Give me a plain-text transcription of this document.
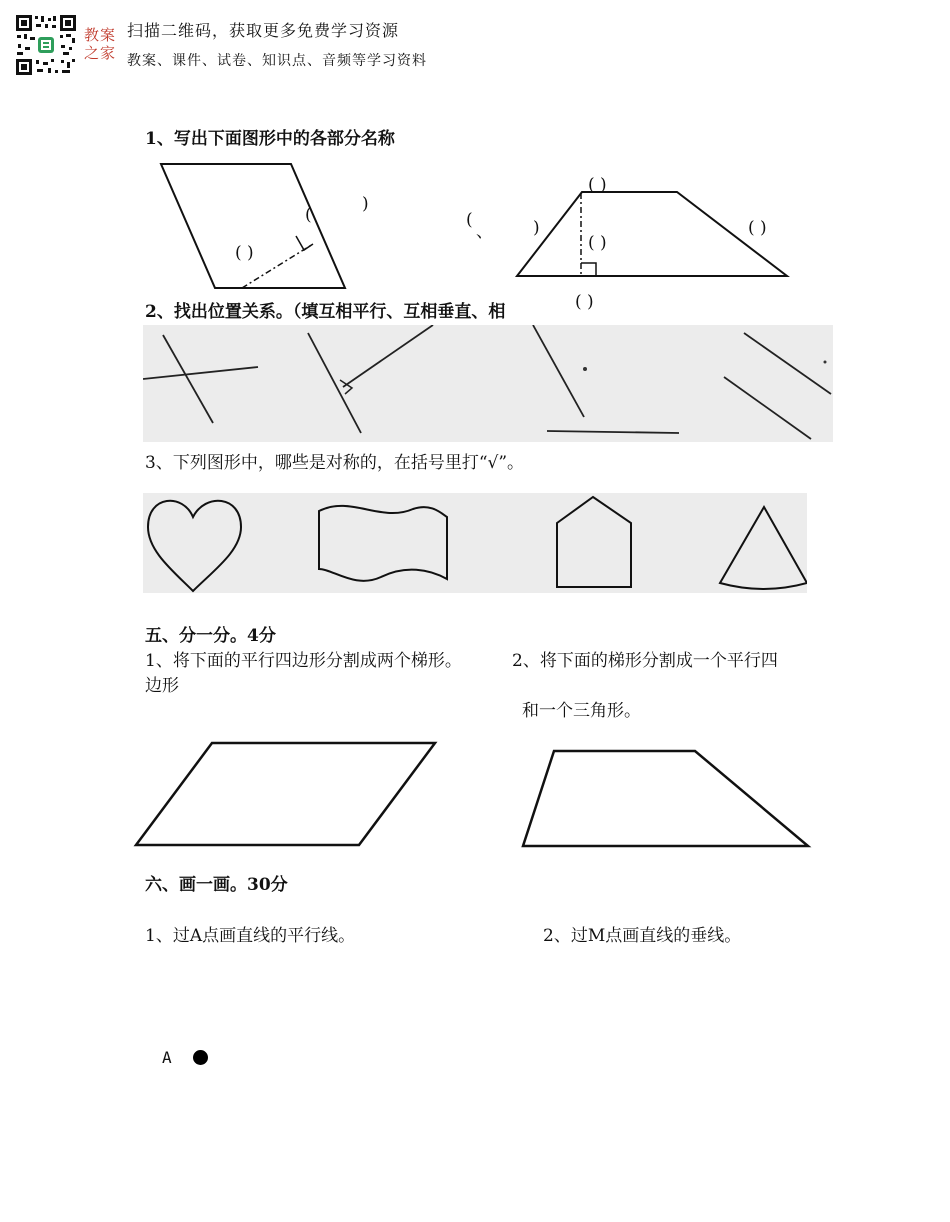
教案
之家
扫描二维码，获取更多免费学习资源
教案、课件、试卷、知识点、音频等学习资料
1、写出下面图形中的各部分名称
(
)
( )
( )
(
、 )
( )
( )
( )
2、找出位置关系。（填互相平行、互相垂直、相
3、下列图形中，哪些是对称的，在括号里打“√”。
五、分一分。4分
1、将下面的平行四边形分割成两个梯形。	2、将下面的梯形分割成一个平行四
边形
和一个三角形。
六、画一画。30分
1、过A点画直线的平行线。	2、过M点画直线的垂线。
A
